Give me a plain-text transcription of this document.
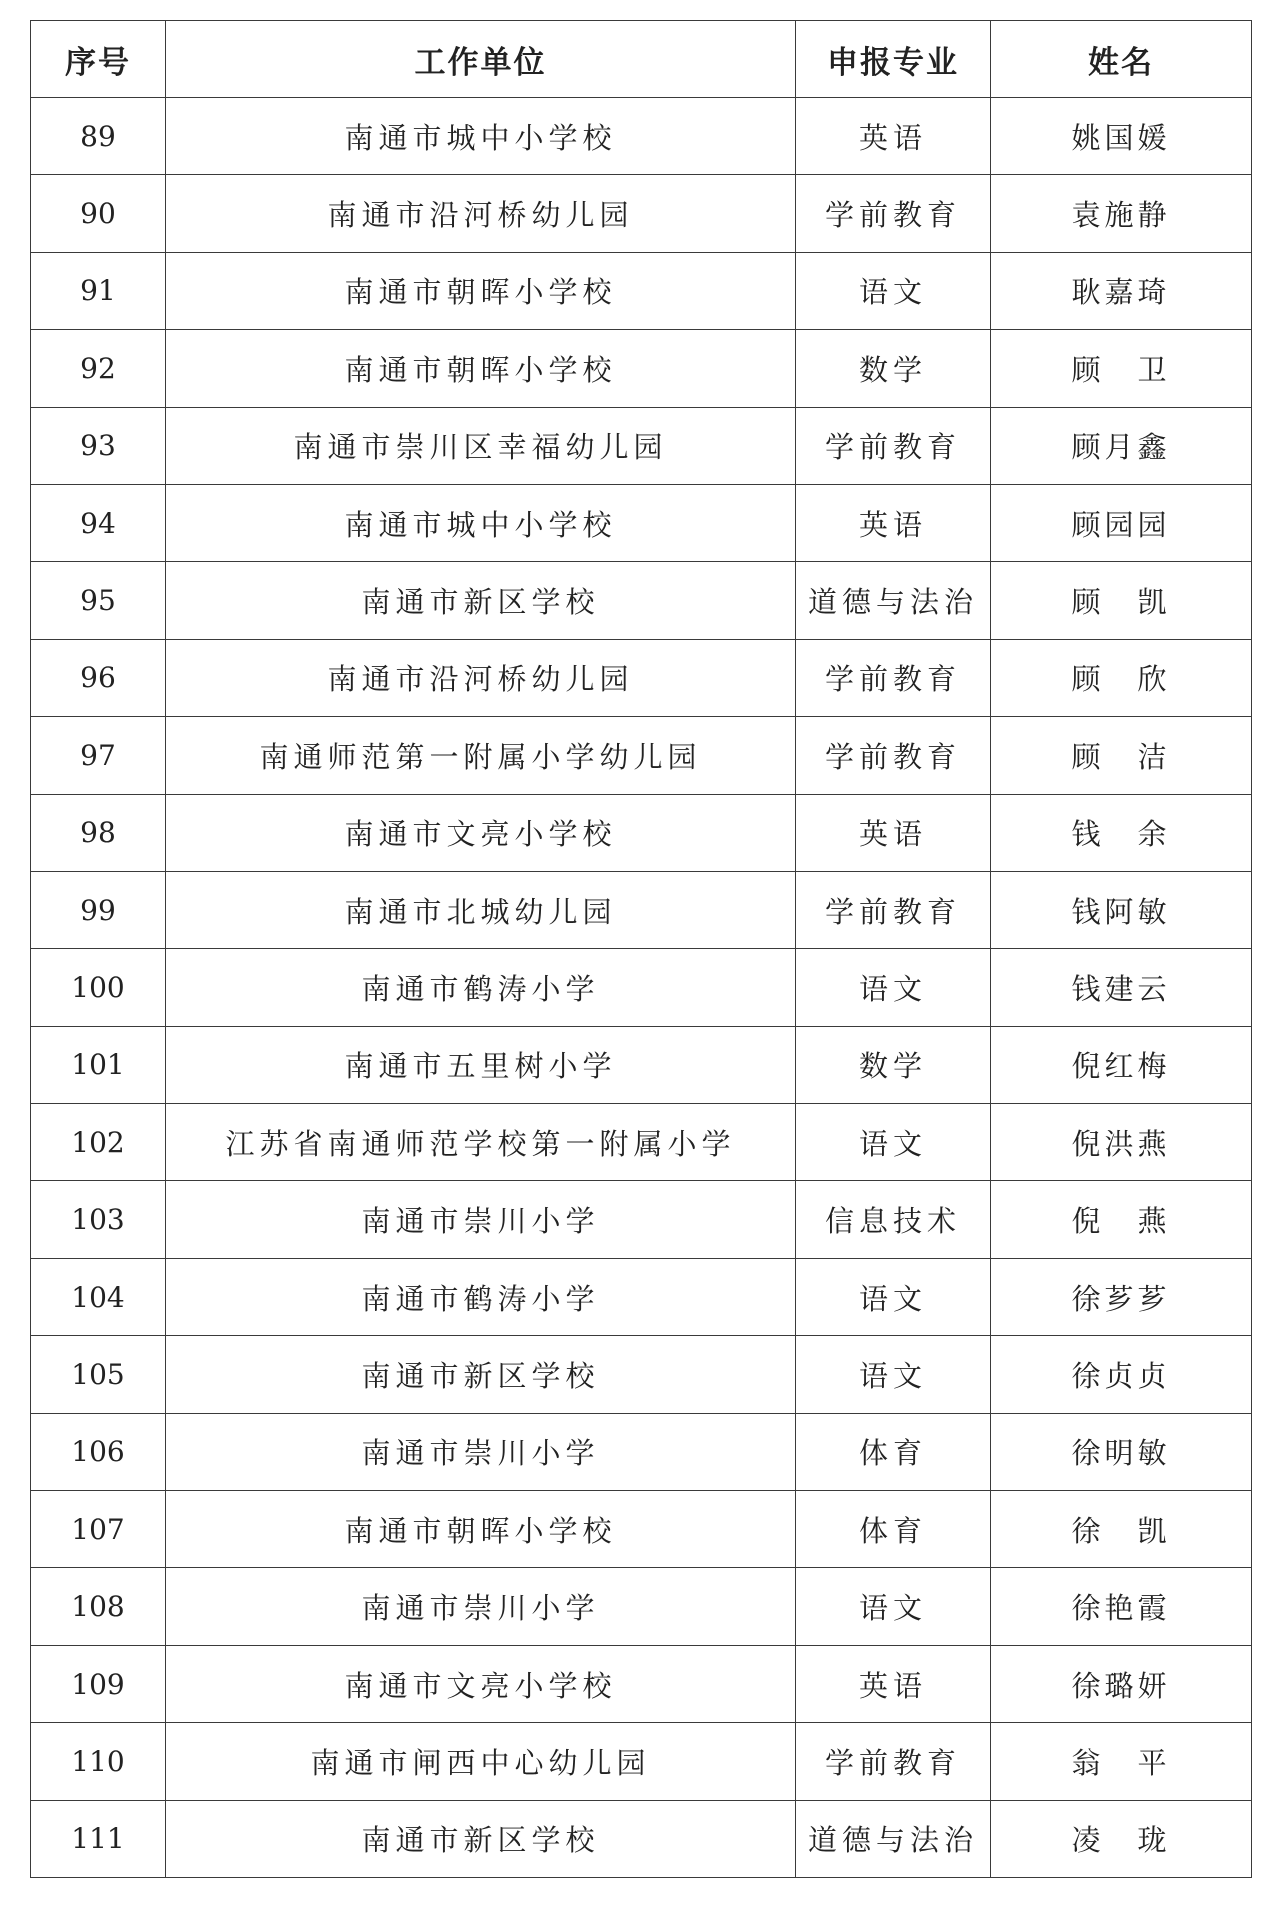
序号	工作单位	申报专业	姓名
89	南通市城中小学校	英语	姚国媛
90	南通市沿河桥幼儿园	学前教育	袁施静
91	南通市朝晖小学校	语文	耿嘉琦
92	南通市朝晖小学校	数学	顾　卫
93	南通市崇川区幸福幼儿园	学前教育	顾月鑫
94	南通市城中小学校	英语	顾园园
95	南通市新区学校	道德与法治	顾　凯
96	南通市沿河桥幼儿园	学前教育	顾　欣
97	南通师范第一附属小学幼儿园	学前教育	顾　洁
98	南通市文亮小学校	英语	钱　余
99	南通市北城幼儿园	学前教育	钱阿敏
100	南通市鹤涛小学	语文	钱建云
101	南通市五里树小学	数学	倪红梅
102	江苏省南通师范学校第一附属小学	语文	倪洪燕
103	南通市崇川小学	信息技术	倪　燕
104	南通市鹤涛小学	语文	徐芗芗
105	南通市新区学校	语文	徐贞贞
106	南通市崇川小学	体育	徐明敏
107	南通市朝晖小学校	体育	徐　凯
108	南通市崇川小学	语文	徐艳霞
109	南通市文亮小学校	英语	徐璐妍
110	南通市闸西中心幼儿园	学前教育	翁　平
111	南通市新区学校	道德与法治	凌　珑
